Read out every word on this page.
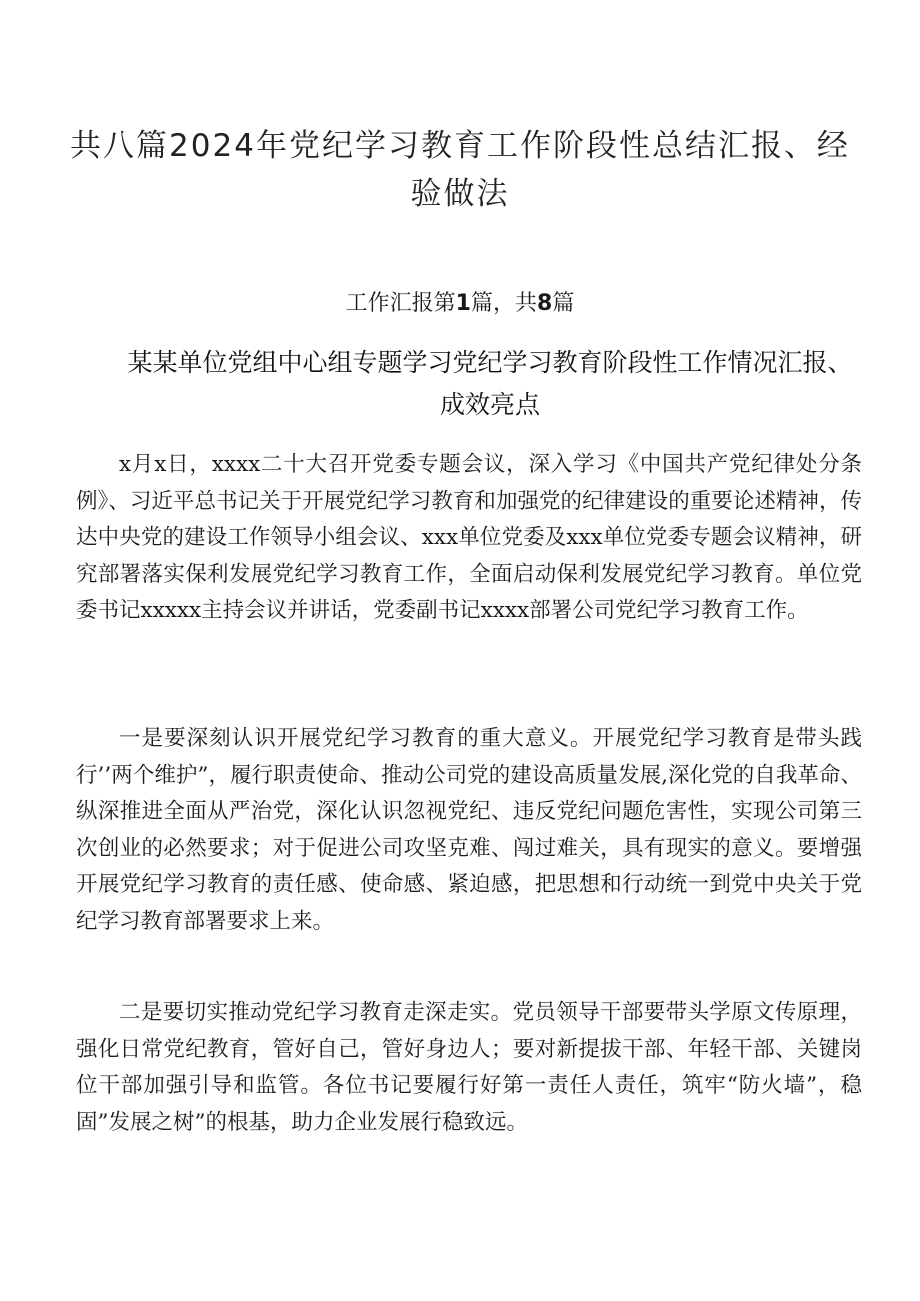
共八篇2024年党纪学习教育工作阶段性总结汇报、经验做法
工作汇报第1篇，共8篇
某某单位党组中心组专题学习党纪学习教育阶段性工作情况汇报、成效亮点

x月x日，xxxx二十大召开党委专题会议，深入学习《中国共产党纪律处分条例》、习近平总书记关于开展党纪学习教育和加强党的纪律建设的重要论述精神，传达中央党的建设工作领导小组会议、xxx单位党委及xxx单位党委专题会议精神，研究部署落实保利发展党纪学习教育工作，全面启动保利发展党纪学习教育。单位党委书记xxxxx主持会议并讲话，党委副书记xxxx部署公司党纪学习教育工作。

一是要深刻认识开展党纪学习教育的重大意义。开展党纪学习教育是带头践行’’两个维护”，履行职责使命、推动公司党的建设高质量发展,深化党的自我革命、纵深推进全面从严治党，深化认识忽视党纪、违反党纪问题危害性，实现公司第三次创业的必然要求；对于促进公司攻坚克难、闯过难关，具有现实的意义。要增强开展党纪学习教育的责任感、使命感、紧迫感，把思想和行动统一到党中央关于党纪学习教育部署要求上来。

二是要切实推动党纪学习教育走深走实。党员领导干部要带头学原文传原理，强化日常党纪教育，管好自己，管好身边人；要对新提拔干部、年轻干部、关键岗位干部加强引导和监管。各位书记要履行好第一责任人责任，筑牢“防火墙”，稳固”发展之树”的根基，助力企业发展行稳致远。
